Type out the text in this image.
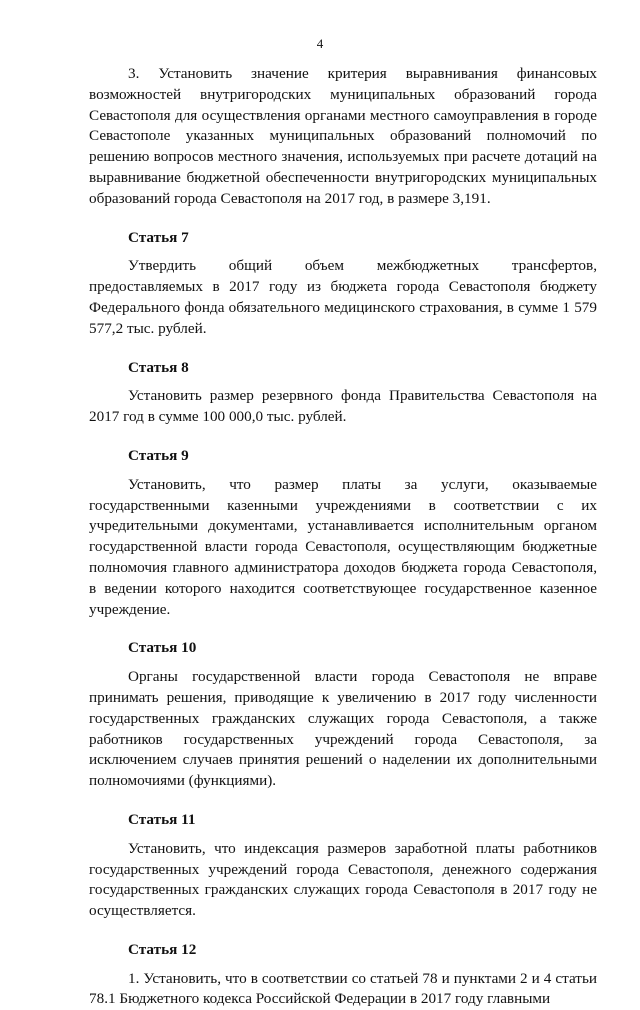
4

3. Установить значение критерия выравнивания финансовых возможностей внутригородских муниципальных образований города Севастополя для осуществления органами местного самоуправления в городе Севастополе указанных муниципальных образований полномочий по решению вопросов местного значения, используемых при расчете дотаций на выравнивание бюджетной обеспеченности внутригородских муниципальных образований города Севастополя на 2017 год, в размере 3,191.

Статья 7

Утвердить общий объем межбюджетных трансфертов, предоставляемых в 2017 году из бюджета города Севастополя бюджету Федерального фонда обязательного медицинского страхования, в сумме 1 579 577,2 тыс. рублей.

Статья 8

Установить размер резервного фонда Правительства Севастополя на 2017 год в сумме 100 000,0 тыс. рублей.

Статья 9

Установить, что размер платы за услуги, оказываемые государственными казенными учреждениями в соответствии с их учредительными документами, устанавливается исполнительным органом государственной власти города Севастополя, осуществляющим бюджетные полномочия главного администратора доходов бюджета города Севастополя, в ведении которого находится соответствующее государственное казенное учреждение.

Статья 10

Органы государственной власти города Севастополя не вправе принимать решения, приводящие к увеличению в 2017 году численности государственных гражданских служащих города Севастополя, а также работников государственных учреждений города Севастополя, за исключением случаев принятия решений о наделении их дополнительными полномочиями (функциями).

Статья 11

Установить, что индексация размеров заработной платы работников государственных учреждений города Севастополя, денежного содержания государственных гражданских служащих города Севастополя в 2017 году не осуществляется.

Статья 12

1. Установить, что в соответствии со статьей 78 и пунктами 2 и 4 статьи 78.1 Бюджетного кодекса Российской Федерации в 2017 году главными
